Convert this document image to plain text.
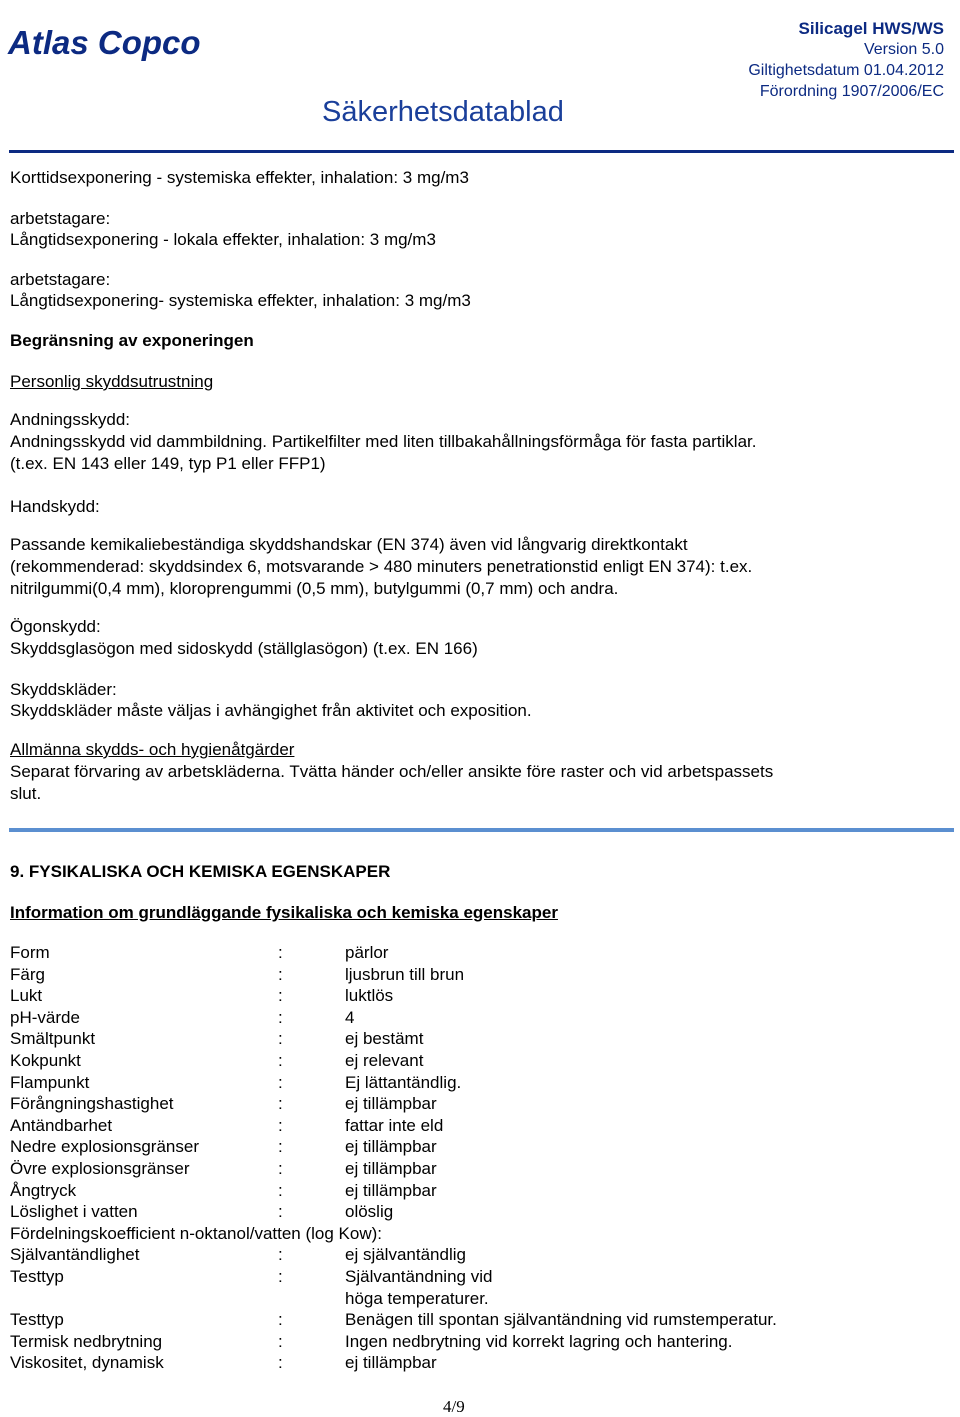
Atlas Copco	Silicagel HWS/WS
Version 5.0
Giltighetsdatum 01.04.2012
Förordning 1907/2006/EC
Säkerhetsdatablad
Korttidsexponering - systemiska effekter, inhalation: 3 mg/m3
arbetstagare:
Långtidsexponering - lokala effekter, inhalation: 3 mg/m3
arbetstagare:
Långtidsexponering- systemiska effekter, inhalation: 3 mg/m3
Begränsning av exponeringen
Personlig skyddsutrustning
Andningsskydd:
Andningsskydd vid dammbildning. Partikelfilter med liten tillbakahållningsförmåga för fasta partiklar.
(t.ex. EN 143 eller 149, typ P1 eller FFP1)
Handskydd:
Passande kemikaliebeständiga skyddshandskar (EN 374) även vid långvarig direktkontakt
(rekommenderad: skyddsindex 6, motsvarande > 480 minuters penetrationstid enligt EN 374): t.ex.
nitrilgummi(0,4 mm), kloroprengummi (0,5 mm), butylgummi (0,7 mm) och andra.
Ögonskydd:
Skyddsglasögon med sidoskydd (ställglasögon) (t.ex. EN 166)
Skyddskläder:
Skyddskläder måste väljas i avhängighet från aktivitet och exposition.
Allmänna skydds- och hygienåtgärder
Separat förvaring av arbetskläderna. Tvätta händer och/eller ansikte före raster och vid arbetspassets
slut.
9. FYSIKALISKA OCH KEMISKA EGENSKAPER
Information om grundläggande fysikaliska och kemiska egenskaper
Form	:	pärlor
Färg	:	ljusbrun till brun
Lukt	:	luktlös
pH-värde	:	4
Smältpunkt	:	ej bestämt
Kokpunkt	:	ej relevant
Flampunkt	:	Ej lättantändlig.
Förångningshastighet	:	ej tillämpbar
Antändbarhet	:	fattar inte eld
Nedre explosionsgränser	:	ej tillämpbar
Övre explosionsgränser	:	ej tillämpbar
Ångtryck	:	ej tillämpbar
Löslighet i vatten	:	olöslig
Fördelningskoefficient n-oktanol/vatten (log Kow):
Självantändlighet	:	ej självantändlig
Testtyp	:	Självantändning vid
höga temperaturer.
Testtyp	:	Benägen till spontan självantändning vid rumstemperatur.
Termisk nedbrytning	:	Ingen nedbrytning vid korrekt lagring och hantering.
Viskositet, dynamisk	:	ej tillämpbar
4/9
